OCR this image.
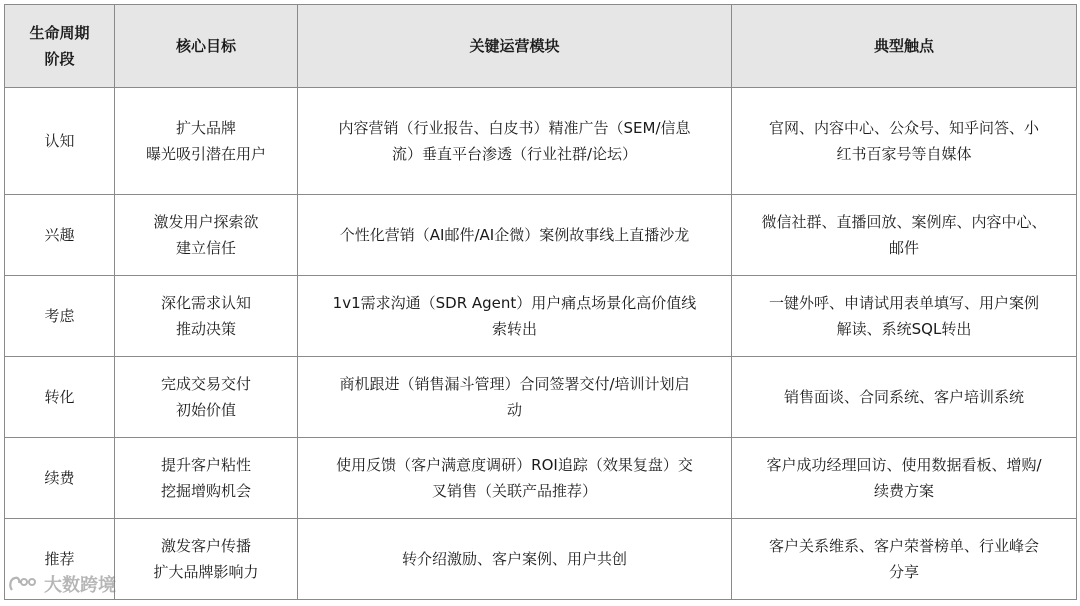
生命周期
阶段	核心目标	关键运营模块	典型触点

认知	扩大品牌
曝光吸引潜在用户	内容营销（行业报告、白皮书）精准广告（SEM/信息
流）垂直平台渗透（行业社群/论坛）	官网、内容中心、公众号、知乎问答、小
红书百家号等自媒体

兴趣	激发用户探索欲
建立信任	个性化营销（AI邮件/AI企微）案例故事线上直播沙龙	微信社群、直播回放、案例库、内容中心、
邮件

考虑	深化需求认知
推动决策	1v1需求沟通（SDR Agent）用户痛点场景化高价值线
索转出	一键外呼、申请试用表单填写、用户案例
解读、系统SQL转出

转化	完成交易交付
初始价值	商机跟进（销售漏斗管理）合同签署交付/培训计划启
动	销售面谈、合同系统、客户培训系统

续费	提升客户粘性
挖掘增购机会	使用反馈（客户满意度调研）ROI追踪（效果复盘）交
叉销售（关联产品推荐）	客户成功经理回访、使用数据看板、增购/
续费方案

推荐	激发客户传播
扩大品牌影响力	转介绍激励、客户案例、用户共创	客户关系维系、客户荣誉榜单、行业峰会
分享
大数跨境
